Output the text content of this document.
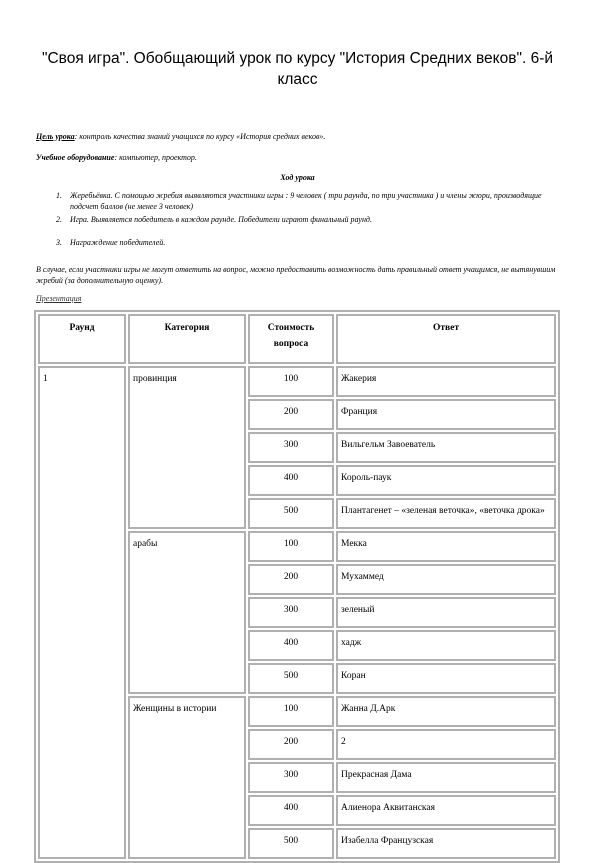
"Своя игра". Обобщающий урок по курсу "История Средних веков". 6-й класс

Цель урока: контроль качества знаний учащихся по курсу «История средних веков».

Учебное оборудование: компьютер, проектор.

Ход урока

1. Жеребьёвка. С помощью жребия выявляются участники игры : 9 человек ( три раунда, по три участника ) и члены жюри, производящие подсчет баллов (не менее 3 человек)
2. Игра. Выявляется победитель в каждом раунде. Победители играют финальный раунд.
3. Награждение победителей.

В случае, если участники игры не могут ответить на вопрос, можно предоставить возможность дать правильный ответ учащимся, не вытянувшим жребий (за дополнительную оценку).

Презентация

Раунд	Категория	Стоимость вопроса	Ответ
1	провинция	100	Жакерия
		200	Франция
		300	Вильгельм Завоеватель
		400	Король-паук
		500	Плантагенет – «зеленая веточка», «веточка дрока»
	арабы	100	Мекка
		200	Мухаммед
		300	зеленый
		400	хадж
		500	Коран
	Женщины в истории	100	Жанна Д.Арк
		200	2
		300	Прекрасная Дама
		400	Алиенора Аквитанская
		500	Изабелла Французская
